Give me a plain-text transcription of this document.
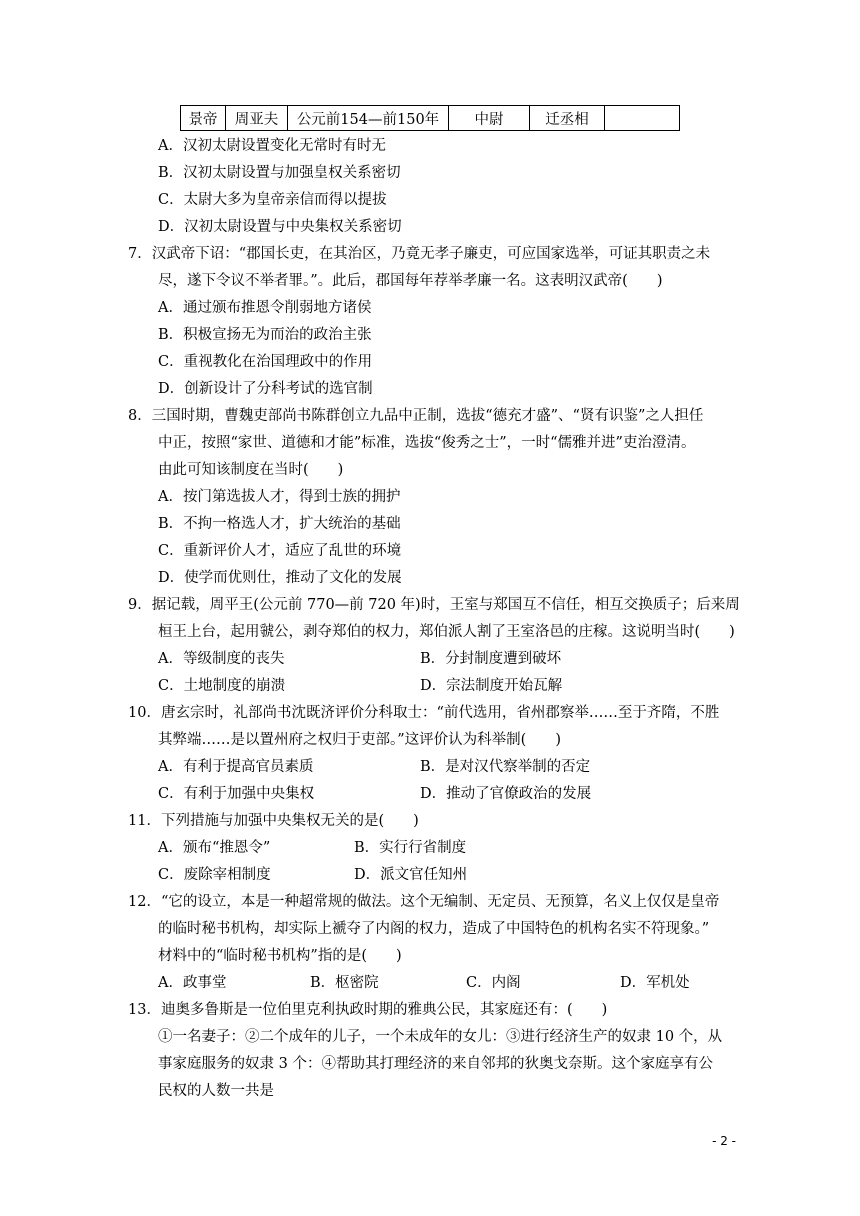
景帝	周亚夫	公元前154—前150年	中尉	迁丞相	
A．汉初太尉设置变化无常时有时无
B．汉初太尉设置与加强皇权关系密切
C．太尉大多为皇帝亲信而得以提拔
D．汉初太尉设置与中央集权关系密切
7．汉武帝下诏：“郡国长吏，在其治区，乃竟无孝子廉吏，可应国家选举，可证其职责之未
尽，遂下令议不举者罪。”。此后，郡国每年荐举孝廉一名。这表明汉武帝(　　)
A．通过颁布推恩令削弱地方诸侯
B．积极宣扬无为而治的政治主张
C．重视教化在治国理政中的作用
D．创新设计了分科考试的选官制
8．三国时期，曹魏吏部尚书陈群创立九品中正制，选拔“德充才盛”、“贤有识鉴”之人担任
中正，按照“家世、道德和才能”标准，选拔“俊秀之士”，一时“儒雅并进”吏治澄清。
由此可知该制度在当时(　　)
A．按门第选拔人才，得到士族的拥护
B．不拘一格选人才，扩大统治的基础
C．重新评价人才，适应了乱世的环境
D．使学而优则仕，推动了文化的发展
9．据记载，周平王(公元前 770—前 720 年)时，王室与郑国互不信任，相互交换质子；后来周
桓王上台，起用虢公，剥夺郑伯的权力，郑伯派人割了王室洛邑的庄稼。这说明当时(　　)
A．等级制度的丧失	B．分封制度遭到破坏
C．土地制度的崩溃	D．宗法制度开始瓦解
10．唐玄宗时，礼部尚书沈既济评价分科取士：“前代选用，省州郡察举……至于齐隋，不胜
其弊端……是以置州府之权归于吏部。”这评价认为科举制(　　)
A．有利于提高官员素质	B．是对汉代察举制的否定
C．有利于加强中央集权	D．推动了官僚政治的发展
11．下列措施与加强中央集权无关的是(　　)
A．颁布“推恩令”	B．实行行省制度
C．废除宰相制度	D．派文官任知州
12．“它的设立，本是一种超常规的做法。这个无编制、无定员、无预算，名义上仅仅是皇帝
的临时秘书机构，却实际上褫夺了内阁的权力，造成了中国特色的机构名实不符现象。”
材料中的“临时秘书机构”指的是(　　)
A．政事堂	B．枢密院	C．内阁	D．军机处
13．迪奥多鲁斯是一位伯里克利执政时期的雅典公民，其家庭还有：(　　)
①一名妻子：②二个成年的儿子，一个未成年的女儿：③进行经济生产的奴隶 10 个，从
事家庭服务的奴隶 3 个：④帮助其打理经济的来自邻邦的狄奥戈奈斯。这个家庭享有公
民权的人数一共是
- 2 -
